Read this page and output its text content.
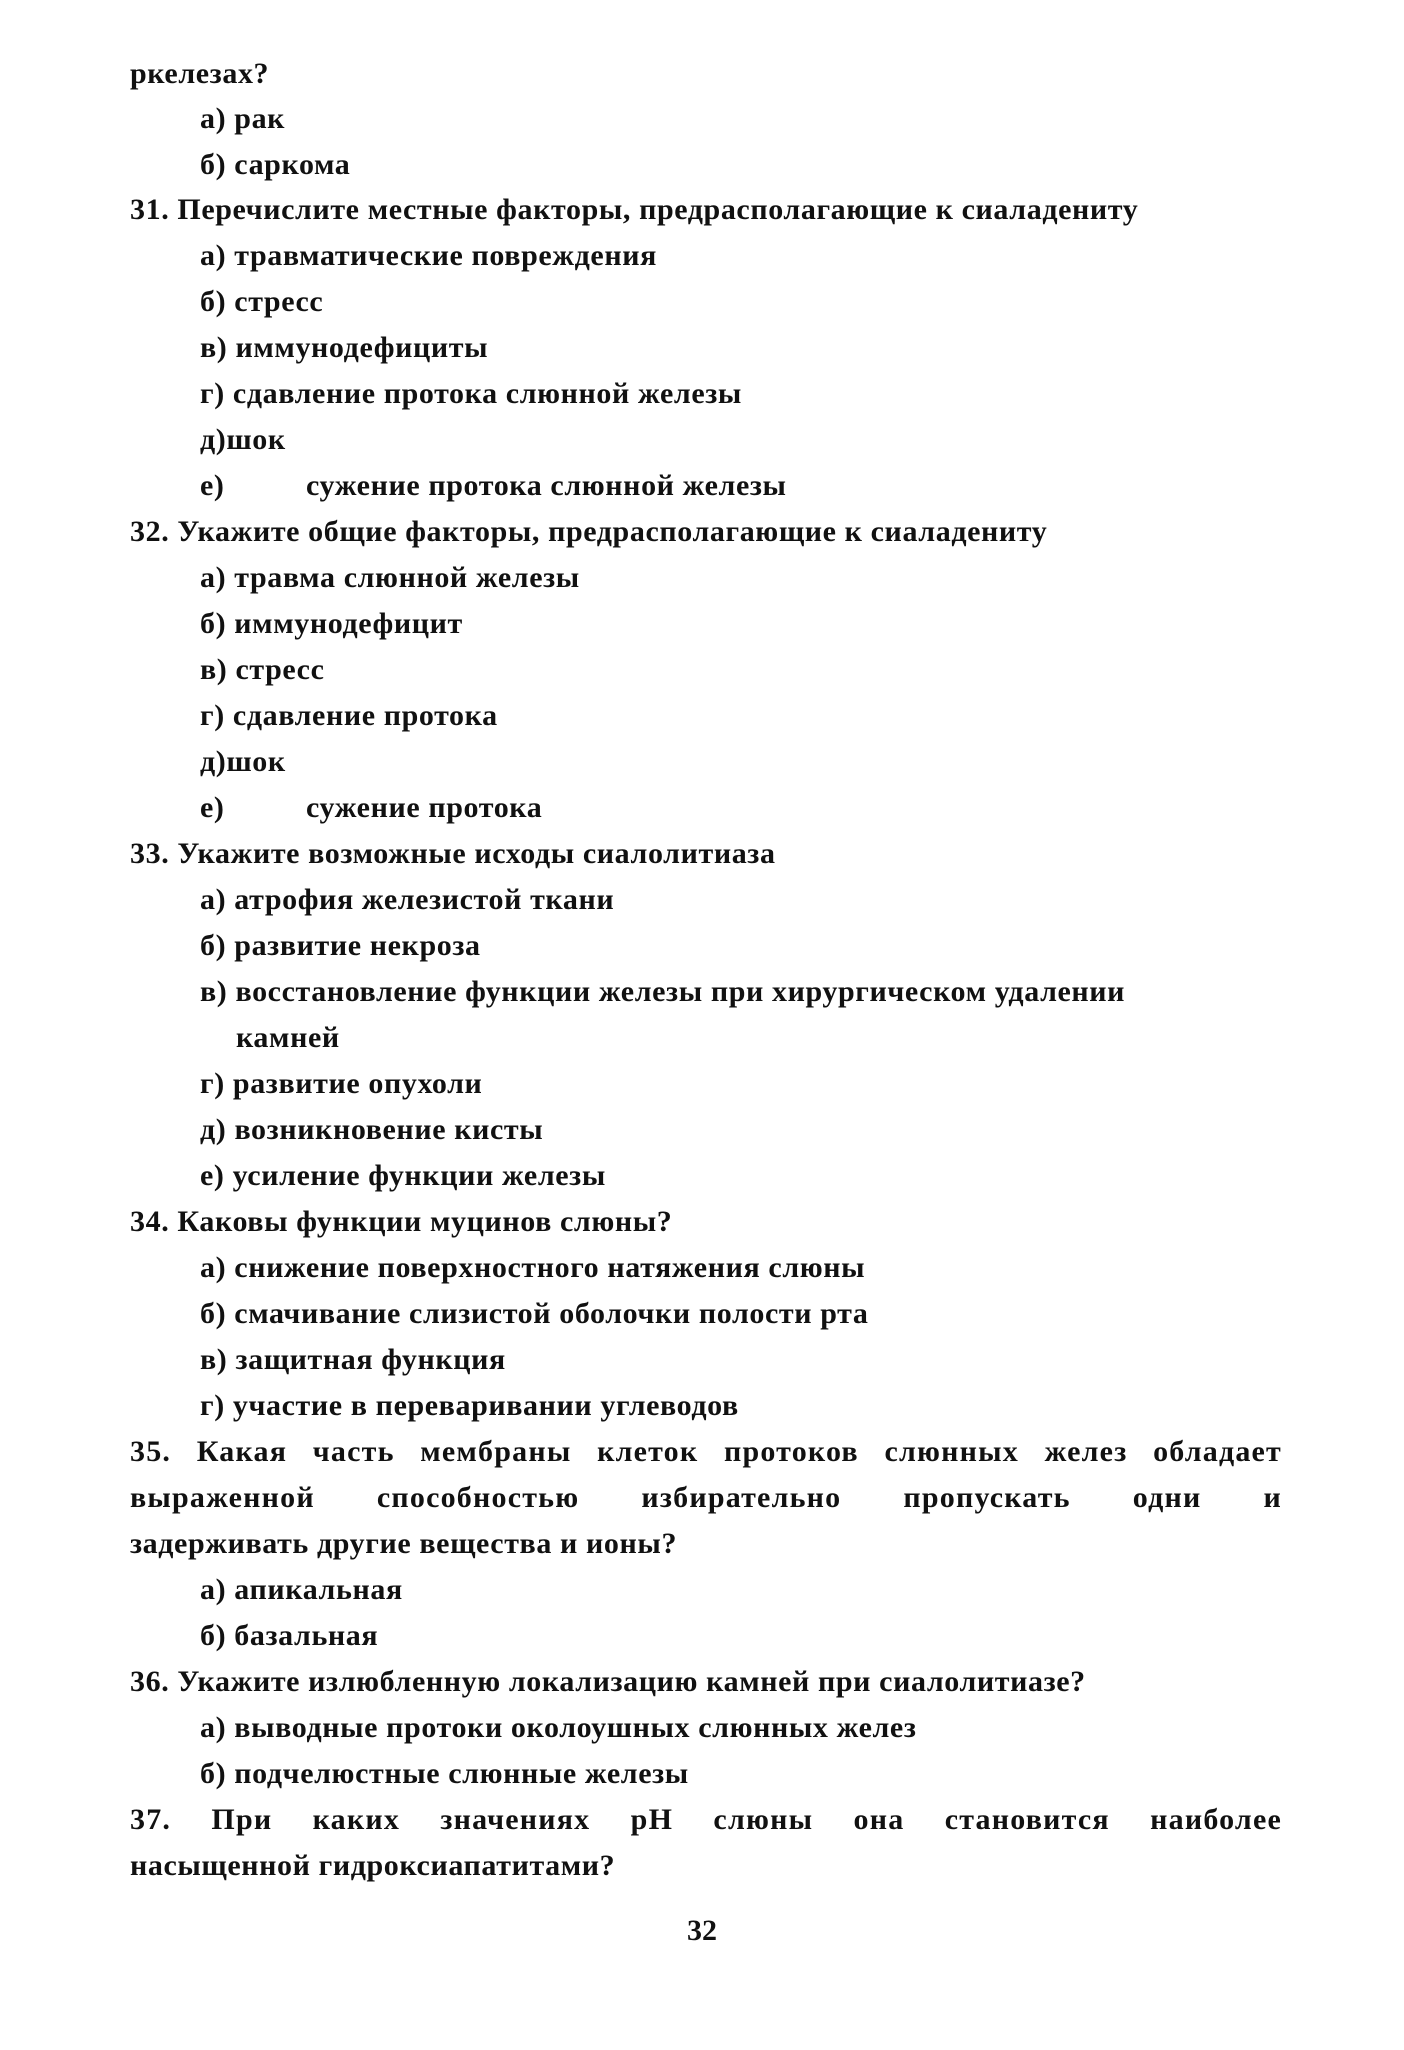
ркелезах?
а) рак
б) саркома
31. Перечислите местные факторы, предрасполагающие к сиаладениту
а) травматические повреждения
б) стресс
в) иммунодефициты
г) сдавление протока слюнной железы
д)шок
е)	сужение протока слюнной железы
32. Укажите общие факторы, предрасполагающие к сиаладениту
а) травма слюнной железы
б) иммунодефицит
в) стресс
г) сдавление протока
д)шок
е)	сужение протока
33. Укажите возможные исходы сиалолитиаза
а) атрофия железистой ткани
б) развитие некроза
в) восстановление функции железы при хирургическом удалении
камней
г) развитие опухоли
д) возникновение кисты
е) усиление функции железы
34. Каковы функции муцинов слюны?
а) снижение поверхностного натяжения слюны
б) смачивание слизистой оболочки полости рта
в) защитная функция
г) участие в переваривании углеводов
35. Какая часть мембраны клеток протоков слюнных желез обладает
выраженной способностью избирательно пропускать одни и
задерживать другие вещества и ионы?
а) апикальная
б) базальная
36. Укажите излюбленную локализацию камней при сиалолитиазе?
а) выводные протоки околоушных слюнных желез
б) подчелюстные слюнные железы
37. При каких значениях pH слюны она становится наиболее
насыщенной гидроксиапатитами?
32
